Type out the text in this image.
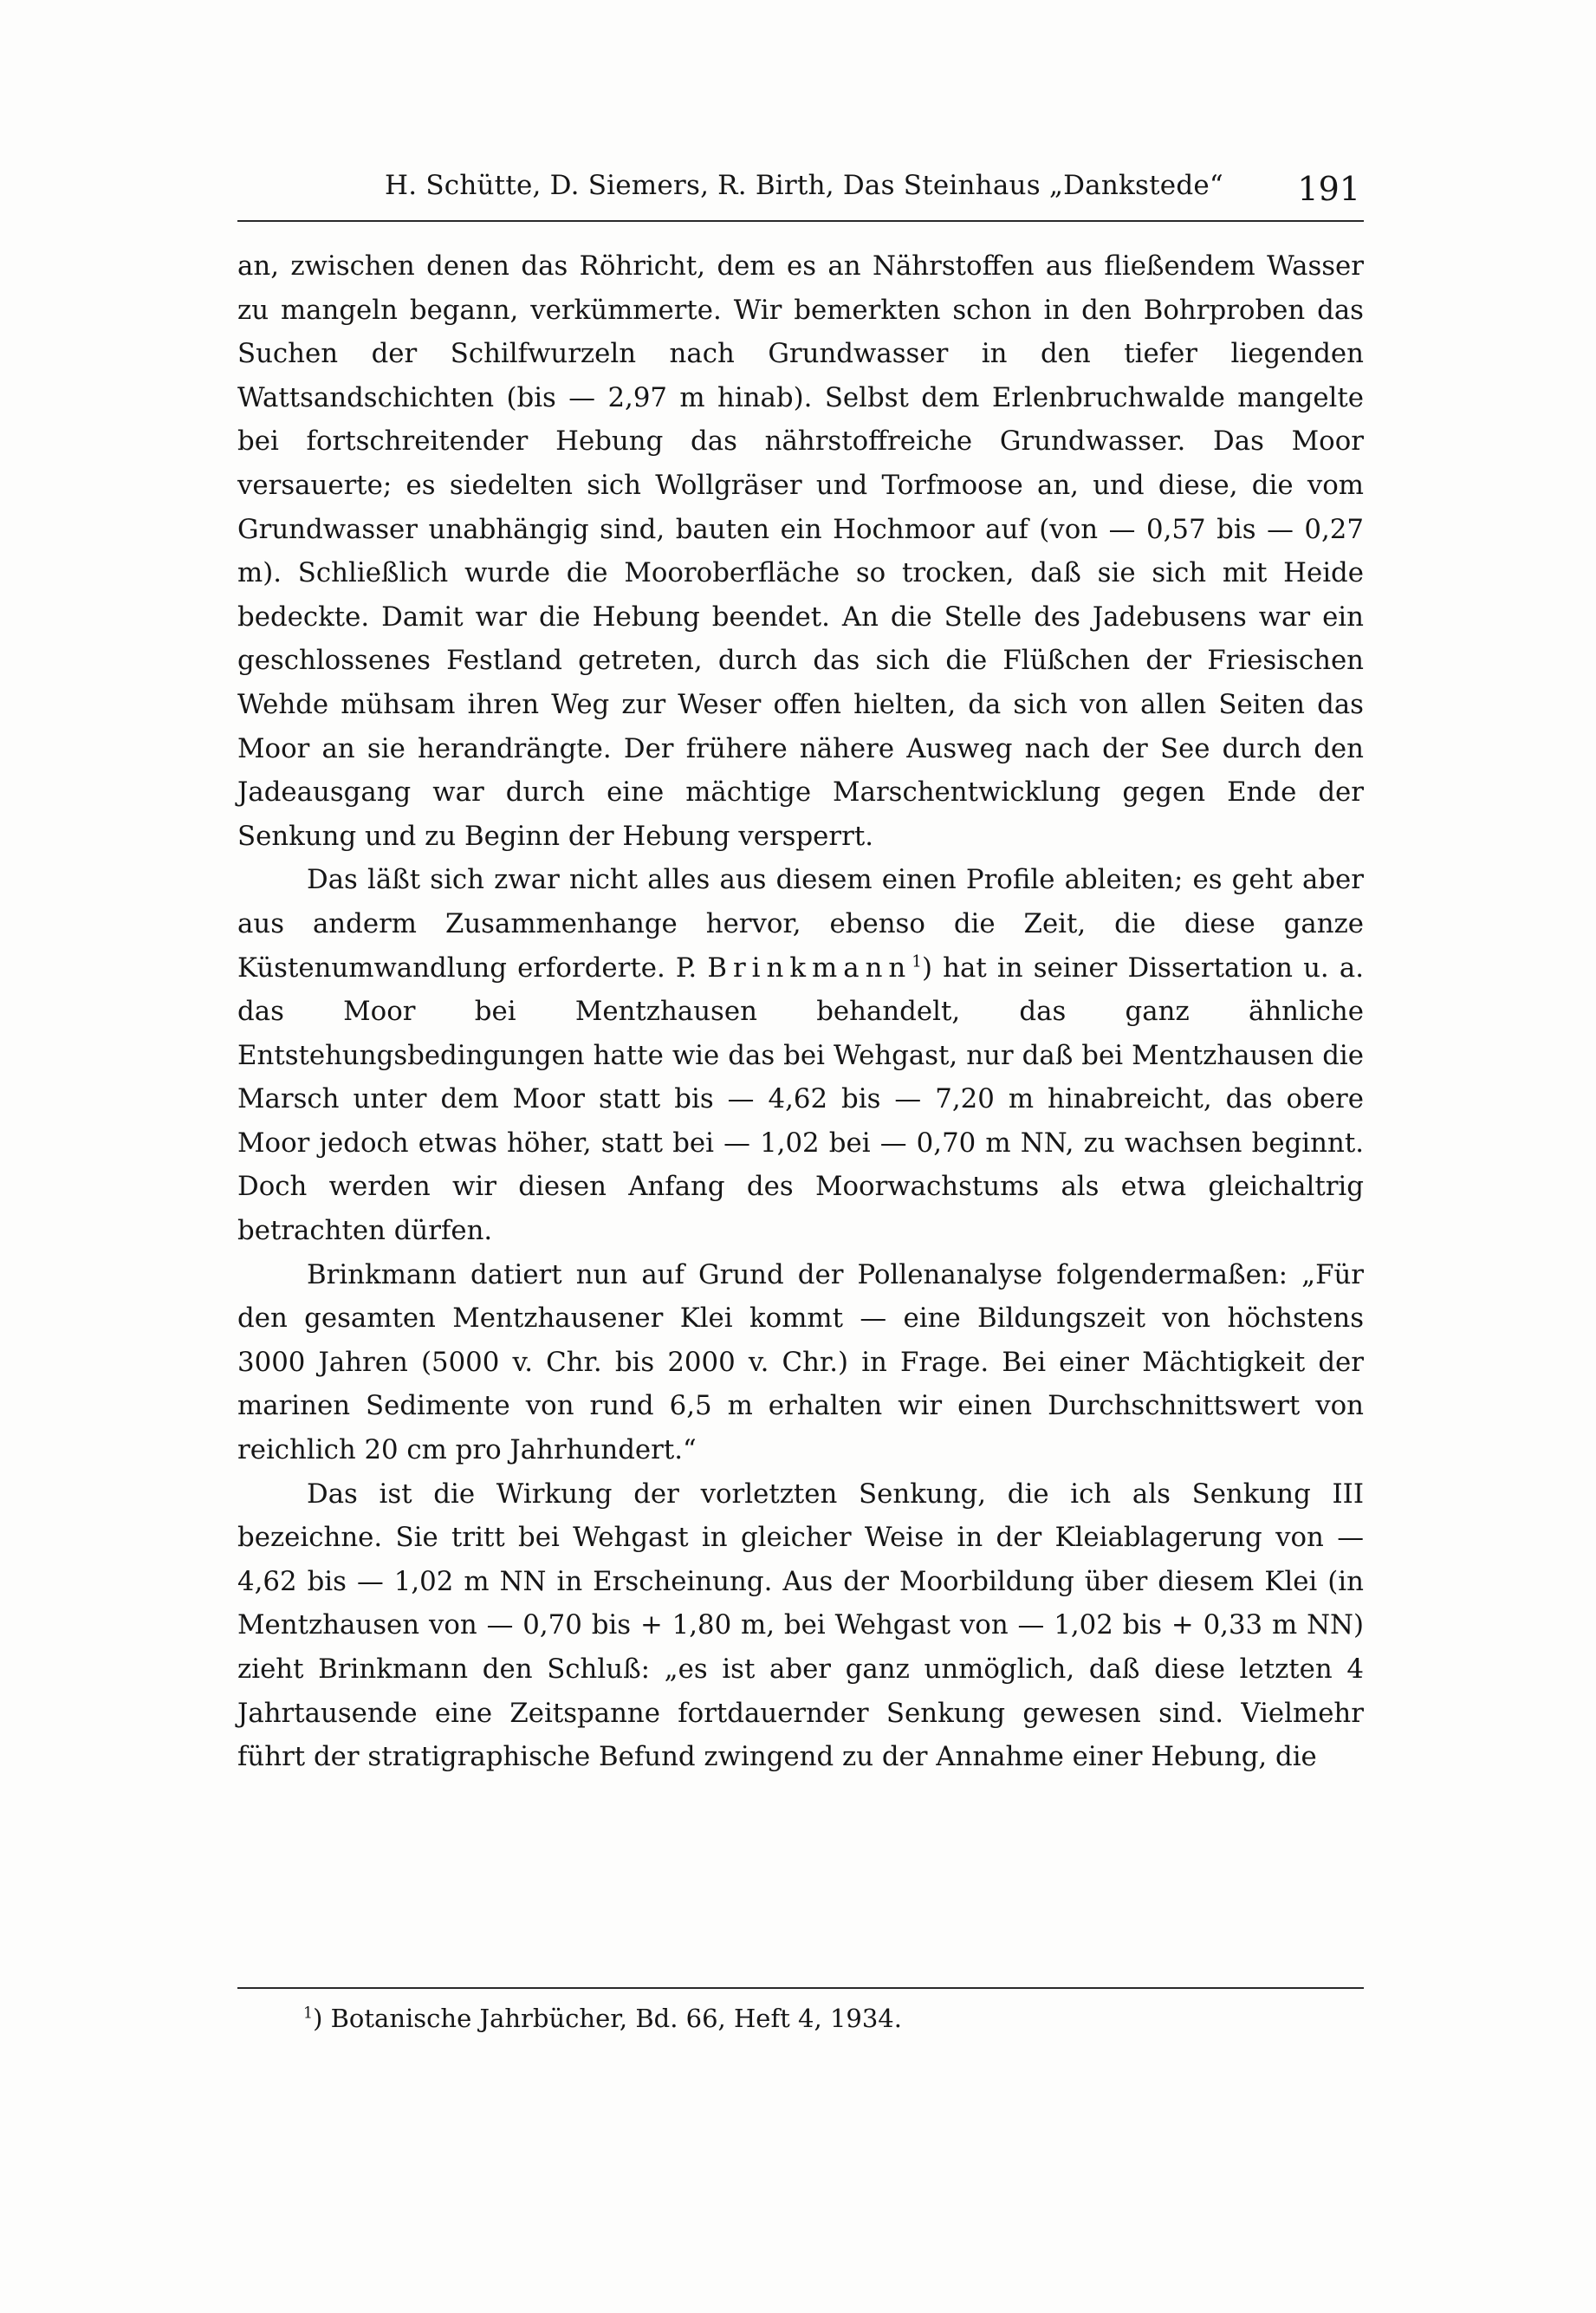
H. Schütte, D. Siemers, R. Birth, Das Steinhaus „Dankstede“ 191

an, zwischen denen das Röhricht, dem es an Nährstoffen aus fließendem Wasser zu mangeln begann, verkümmerte. Wir bemerkten schon in den Bohrproben das Suchen der Schilfwurzeln nach Grundwasser in den tiefer liegenden Wattsandschichten (bis — 2,97 m hinab). Selbst dem Erlenbruchwalde mangelte bei fortschreitender Hebung das nährstoffreiche Grundwasser. Das Moor versauerte; es siedelten sich Wollgräser und Torfmoose an, und diese, die vom Grundwasser unabhängig sind, bauten ein Hochmoor auf (von — 0,57 bis — 0,27 m). Schließlich wurde die Mooroberfläche so trocken, daß sie sich mit Heide bedeckte. Damit war die Hebung beendet. An die Stelle des Jadebusens war ein geschlossenes Festland getreten, durch das sich die Flüßchen der Friesischen Wehde mühsam ihren Weg zur Weser offen hielten, da sich von allen Seiten das Moor an sie herandrängte. Der frühere nähere Ausweg nach der See durch den Jadeausgang war durch eine mächtige Marschentwicklung gegen Ende der Senkung und zu Beginn der Hebung versperrt.

Das läßt sich zwar nicht alles aus diesem einen Profile ableiten; es geht aber aus anderm Zusammenhange hervor, ebenso die Zeit, die diese ganze Küstenumwandlung erforderte. P. Brinkmann$^1$) hat in seiner Dissertation u. a. das Moor bei Mentzhausen behandelt, das ganz ähnliche Entstehungsbedingungen hatte wie das bei Wehgast, nur daß bei Mentzhausen die Marsch unter dem Moor statt bis — 4,62 bis — 7,20 m hinabreicht, das obere Moor jedoch etwas höher, statt bei — 1,02 bei — 0,70 m NN, zu wachsen beginnt. Doch werden wir diesen Anfang des Moorwachstums als etwa gleichaltrig betrachten dürfen.

Brinkmann datiert nun auf Grund der Pollenanalyse folgendermaßen: „Für den gesamten Mentzhausener Klei kommt — eine Bildungszeit von höchstens 3000 Jahren (5000 v. Chr. bis 2000 v. Chr.) in Frage. Bei einer Mächtigkeit der marinen Sedimente von rund 6,5 m erhalten wir einen Durchschnittswert von reichlich 20 cm pro Jahrhundert.“

Das ist die Wirkung der vorletzten Senkung, die ich als Senkung III bezeichne. Sie tritt bei Wehgast in gleicher Weise in der Kleiablagerung von — 4,62 bis — 1,02 m NN in Erscheinung. Aus der Moorbildung über diesem Klei (in Mentzhausen von — 0,70 bis + 1,80 m, bei Wehgast von — 1,02 bis + 0,33 m NN) zieht Brinkmann den Schluß: „es ist aber ganz unmöglich, daß diese letzten 4 Jahrtausende eine Zeitspanne fortdauernder Senkung gewesen sind. Vielmehr führt der stratigraphische Befund zwingend zu der Annahme einer Hebung, die

$^1$) Botanische Jahrbücher, Bd. 66, Heft 4, 1934.
